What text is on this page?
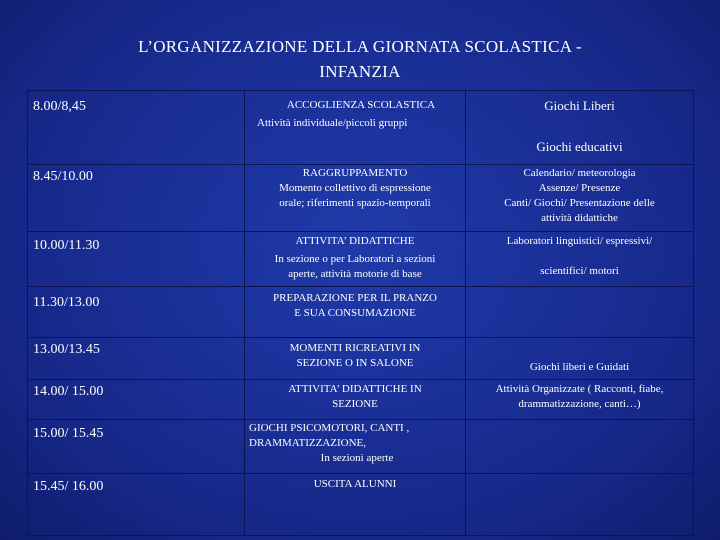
L’ORGANIZZAZIONE DELLA GIORNATA SCOLASTICA -
INFANZIA
8.00/8,45	ACCOGLIENZA SCOLASTICA
Attività individuale/piccoli gruppi	Giochi Liberi
Giochi educativi

8.45/10.00	RAGGRUPPAMENTO
Momento collettivo di espressione
orale; riferimenti spazio-temporali	Calendario/ meteorologia
Assenze/ Presenze
Canti/ Giochi/ Presentazione delle
attività didattiche

10.00/11.30	ATTIVITA’ DIDATTICHE
In sezione o per Laboratori a sezioni
aperte, attività motorie di base	Laboratori linguistici/ espressivi/
scientifici/ motori

11.30/13.00	PREPARAZIONE PER IL PRANZO
E SUA CONSUMAZIONE	

13.00/13.45	MOMENTI RICREATIVI IN
SEZIONE O IN SALONE	Giochi liberi e Guidati

14.00/ 15.00	ATTIVITA’ DIDATTICHE IN
SEZIONE	Attività Organizzate ( Racconti, fiabe,
drammatizzazione, canti…)

15.00/ 15.45	GIOCHI PSICOMOTORI, CANTI ,
DRAMMATIZZAZIONE,
In sezioni aperte	

15.45/ 16.00	USCITA ALUNNI	
